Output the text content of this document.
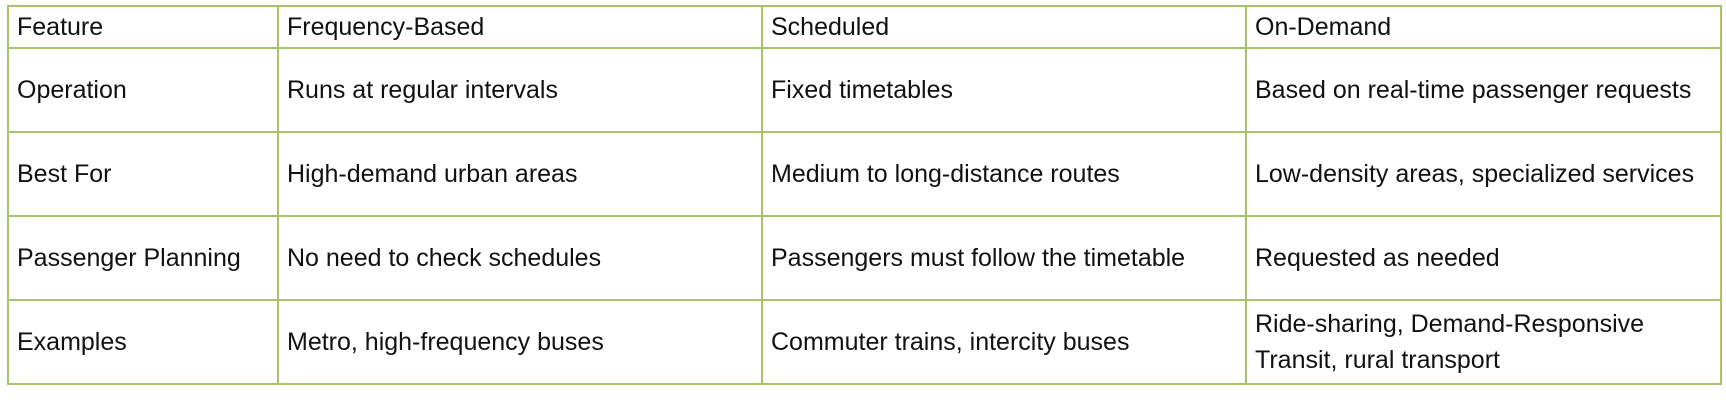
Feature	Frequency-Based	Scheduled	On-Demand
Operation	Runs at regular intervals	Fixed timetables	Based on real-time passenger requests
Best For	High-demand urban areas	Medium to long-distance routes	Low-density areas, specialized services
Passenger Planning	No need to check schedules	Passengers must follow the timetable	Requested as needed
Examples	Metro, high-frequency buses	Commuter trains, intercity buses	Ride-sharing, Demand-Responsive Transit, rural transport
